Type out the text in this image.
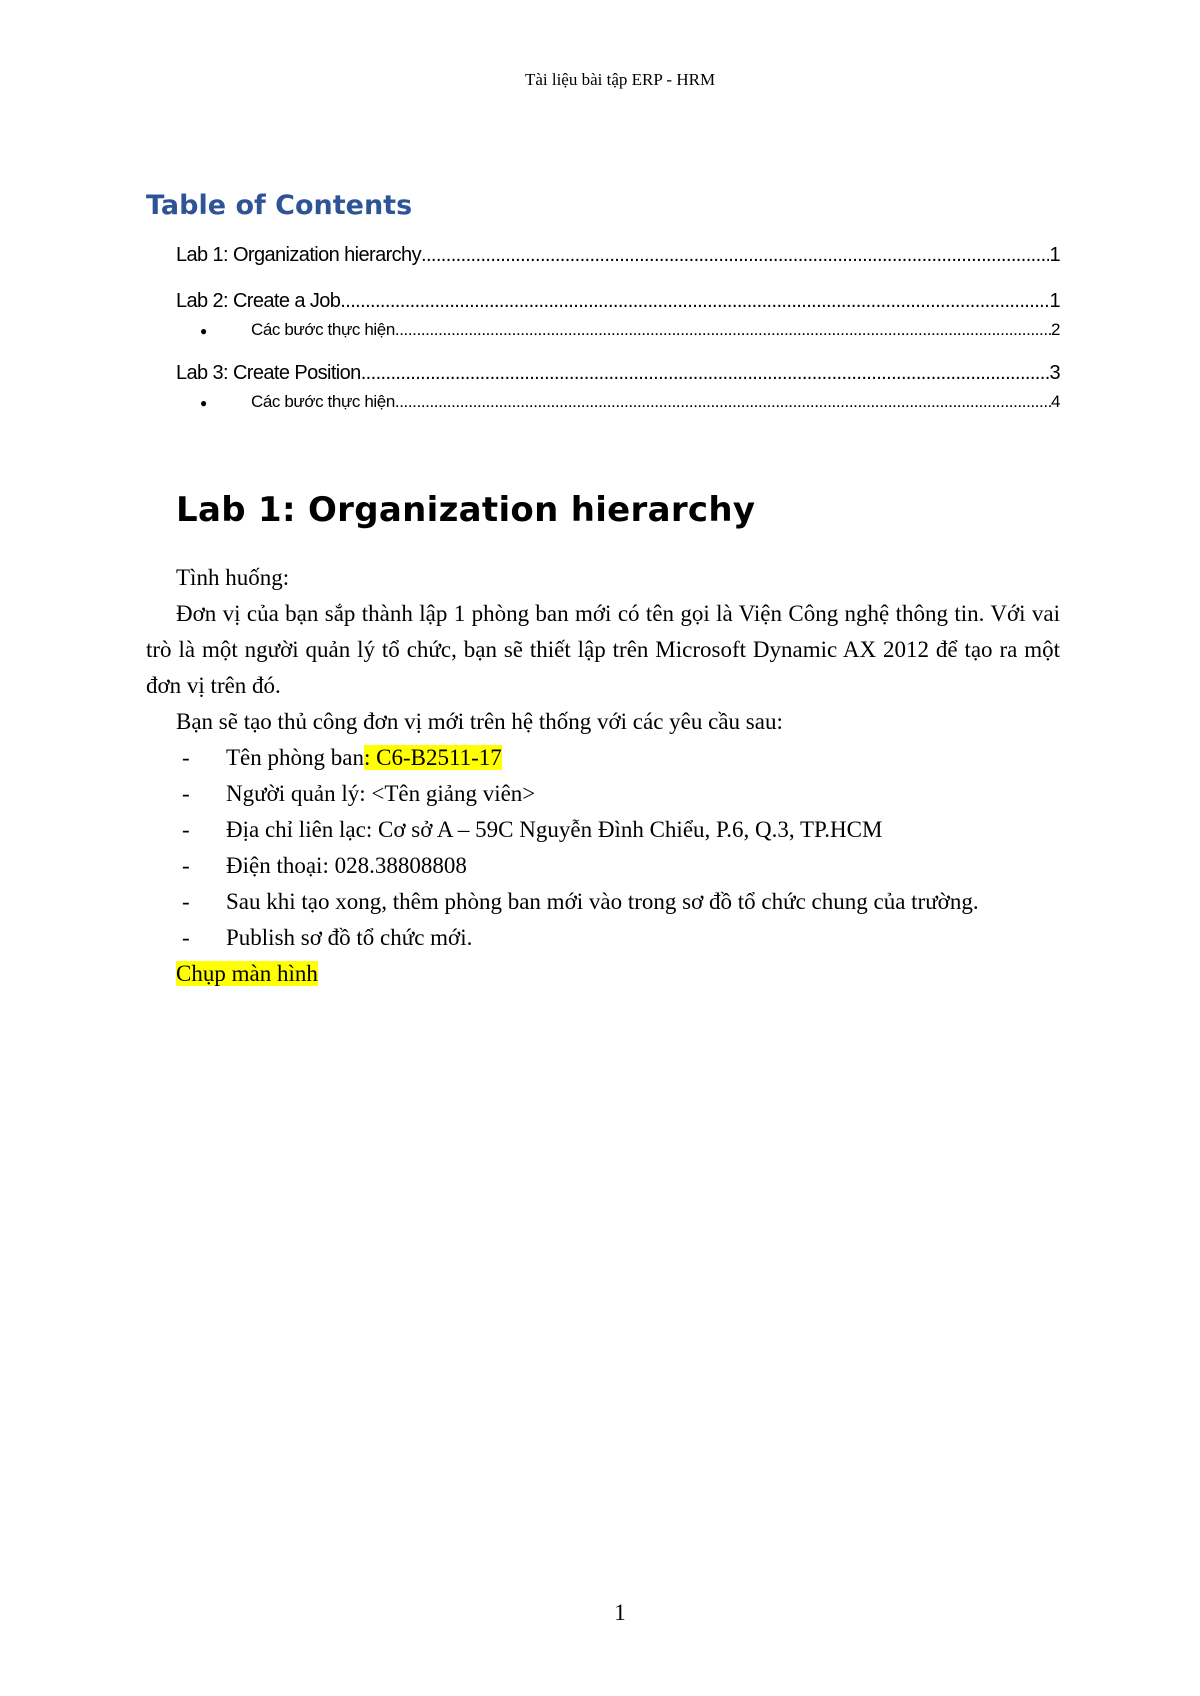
Tài liệu bài tập ERP - HRM
Table of Contents
Lab 1: Organization hierarchy .....	1
Lab 2: Create a Job .....	1
●	Các bước thực hiện .....	2
Lab 3: Create Position .....	3
●	Các bước thực hiện .....	4
Lab 1: Organization hierarchy

Tình huống:

Đơn vị của bạn sắp thành lập 1 phòng ban mới có tên gọi là Viện Công nghệ thông tin. Với vai trò là một người quản lý tổ chức, bạn sẽ thiết lập trên Microsoft Dynamic AX 2012 để tạo ra một đơn vị trên đó.

Bạn sẽ tạo thủ công đơn vị mới trên hệ thống với các yêu cầu sau:

-	Tên phòng ban: C6-B2511-17
-	Người quản lý: <Tên giảng viên>
-	Địa chỉ liên lạc: Cơ sở A – 59C Nguyễn Đình Chiểu, P.6, Q.3, TP.HCM
-	Điện thoại: 028.38808808
-	Sau khi tạo xong, thêm phòng ban mới vào trong sơ đồ tổ chức chung của trường.
-	Publish sơ đồ tổ chức mới.

Chụp màn hình

1
